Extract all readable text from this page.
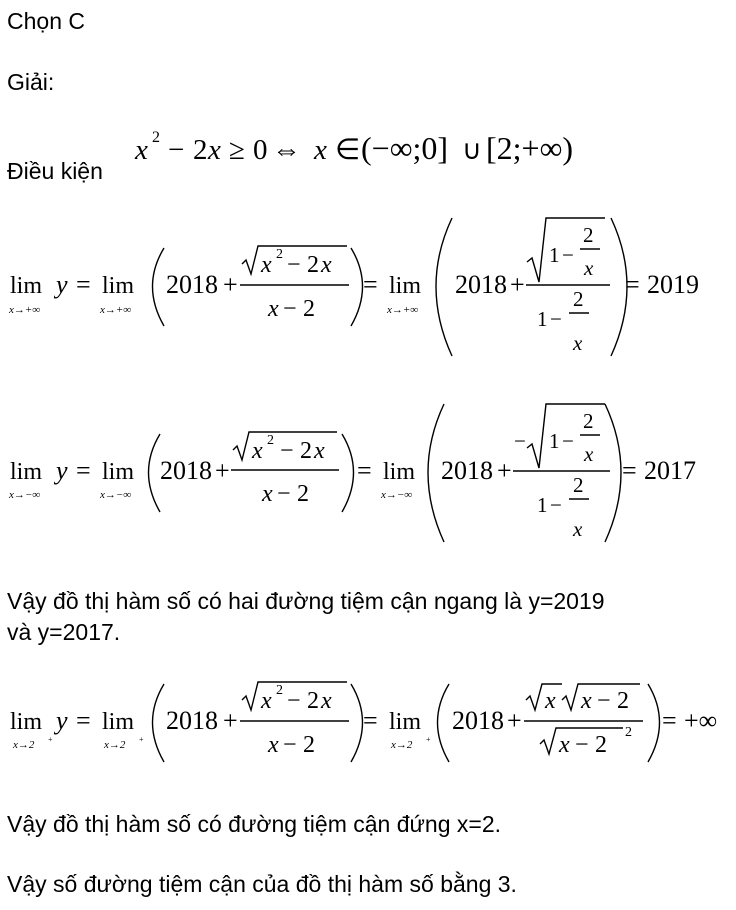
Chọn C
Giải:
Điều kiện
x 2 − 2 x ≥ 0 ⇔ x ∈ (−∞;0] ∪ [2;+∞)
lim
x→+∞
y = lim
x→+∞
2018 +
x 2 − 2 x
x − 2
= lim
x→+∞
2018 +
1 −
2
x
1 −
2
x
= 2019
lim
x→−∞
y = lim
x→−∞
2018 +
x 2 − 2 x
x − 2
= lim
x→−∞
2018 +
− 1 −
2
x
1 −
2
x
= 2017
lim
x→2 +
y = lim
x→2 +
2018 +
x 2 − 2 x
x − 2
= lim
x→2 +
2018 +
x x − 2
x − 2 2 = +∞
Vậy đồ thị hàm số có hai đường tiệm cận ngang là y=2019
và y=2017.
Vậy đồ thị hàm số có đường tiệm cận đứng x=2.
Vậy số đường tiệm cận của đồ thị hàm số bằng 3.
